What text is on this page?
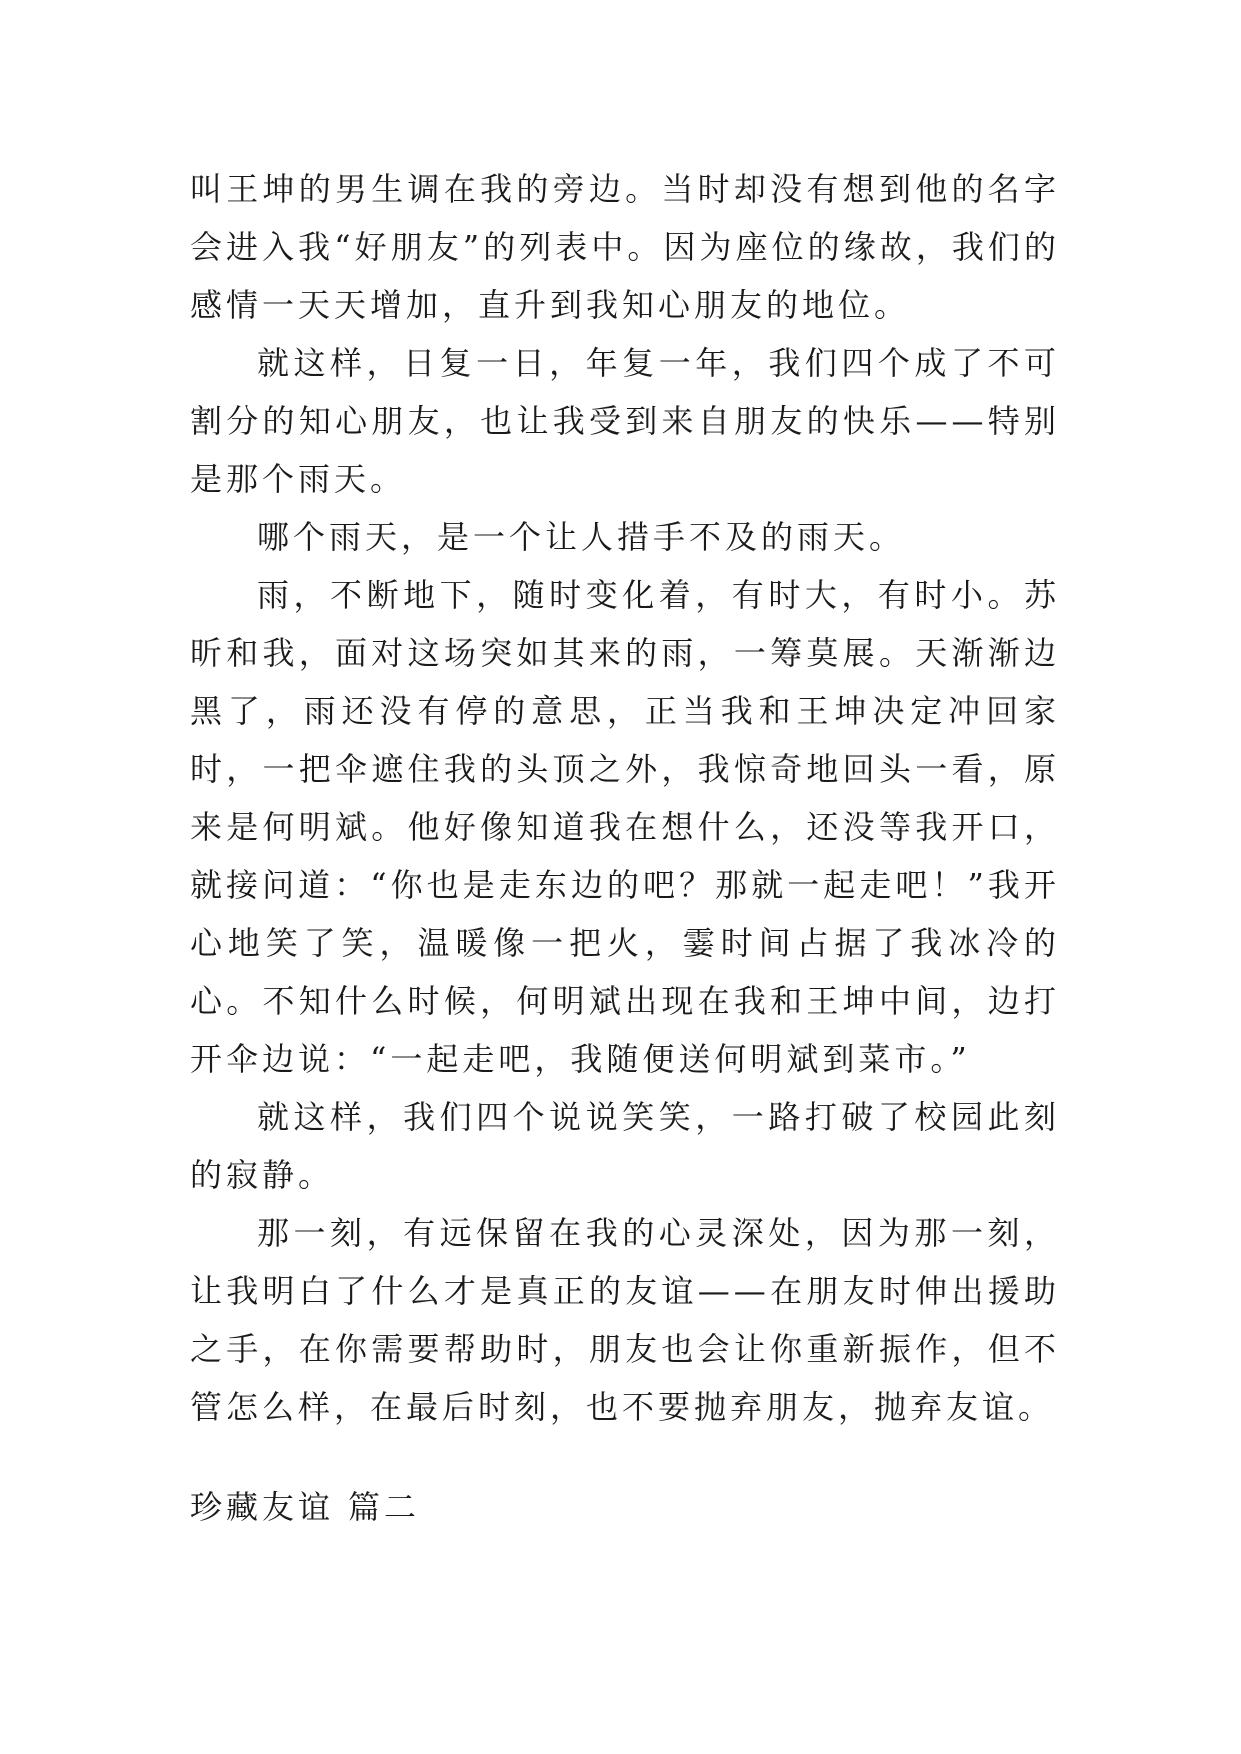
叫王坤的男生调在我的旁边。当时却没有想到他的名字会进入我“好朋友”的列表中。因为座位的缘故，我们的感情一天天增加，直升到我知心朋友的地位。

就这样，日复一日，年复一年，我们四个成了不可割分的知心朋友，也让我受到来自朋友的快乐——特别是那个雨天。

哪个雨天，是一个让人措手不及的雨天。

雨，不断地下，随时变化着，有时大，有时小。苏昕和我，面对这场突如其来的雨，一筹莫展。天渐渐边黑了，雨还没有停的意思，正当我和王坤决定冲回家时，一把伞遮住我的头顶之外，我惊奇地回头一看，原来是何明斌。他好像知道我在想什么，还没等我开口，就接问道：“你也是走东边的吧？那就一起走吧！”我开心地笑了笑，温暖像一把火，霎时间占据了我冰冷的心。不知什么时候，何明斌出现在我和王坤中间，边打开伞边说：“一起走吧，我随便送何明斌到菜市。”

就这样，我们四个说说笑笑，一路打破了校园此刻的寂静。

那一刻，有远保留在我的心灵深处，因为那一刻，让我明白了什么才是真正的友谊——在朋友时伸出援助之手，在你需要帮助时，朋友也会让你重新振作，但不管怎么样，在最后时刻，也不要抛弃朋友，抛弃友谊。

珍藏友谊 篇二
